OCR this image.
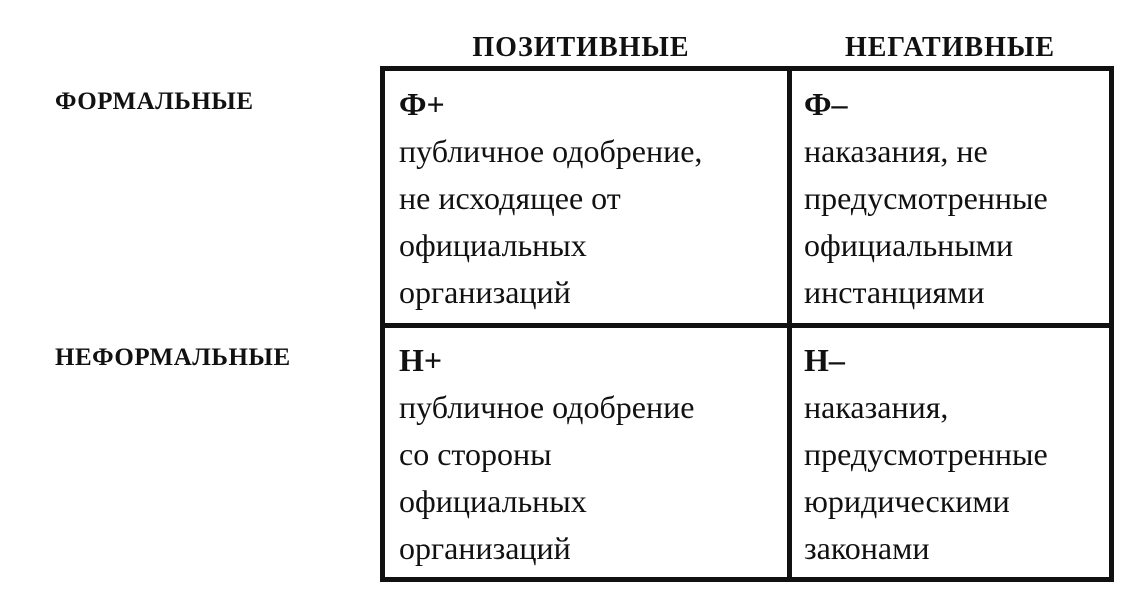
ПОЗИТИВНЫЕ	НЕГАТИВНЫЕ
ФОРМАЛЬНЫЕ
НЕФОРМАЛЬНЫЕ
Ф+
публичное одобрение,
не исходящее от
официальных
организаций
Ф–
наказания, не
предусмотренные
официальными
инстанциями
Н+
публичное одобрение
со стороны
официальных
организаций
Н–
наказания,
предусмотренные
юридическими
законами
